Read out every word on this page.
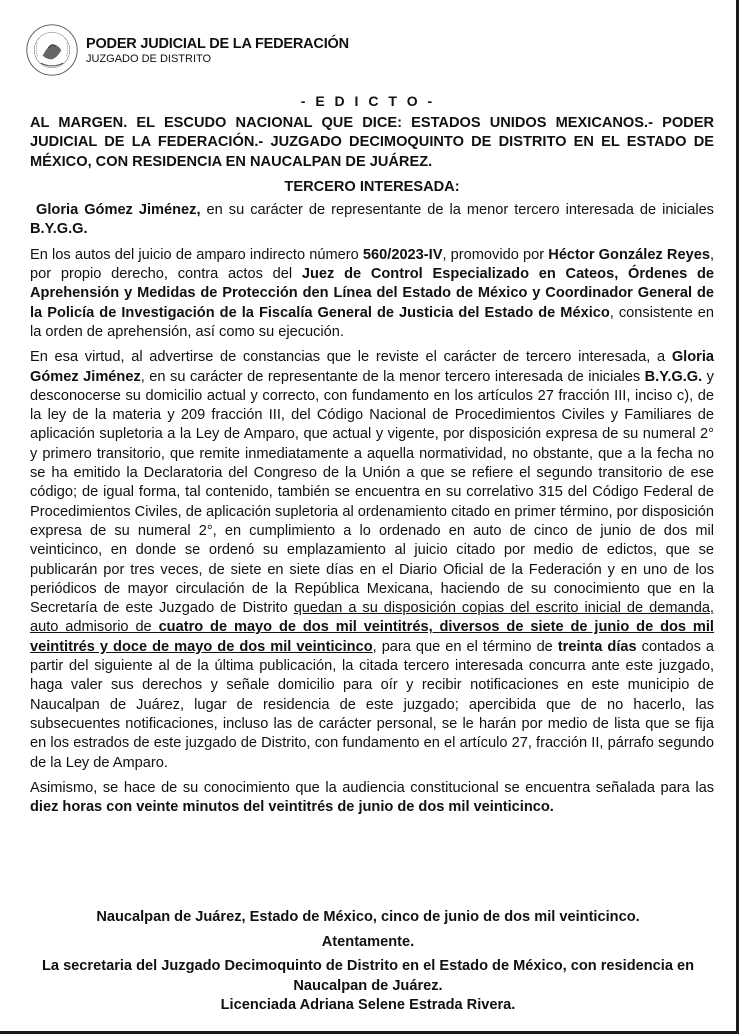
PODER JUDICIAL DE LA FEDERACIÓN
JUZGADO DE DISTRITO
- E D I C T O -

AL MARGEN. EL ESCUDO NACIONAL QUE DICE: ESTADOS UNIDOS MEXICANOS.- PODER JUDICIAL DE LA FEDERACIÓN.- JUZGADO DECIMOQUINTO DE DISTRITO EN EL ESTADO DE MÉXICO, CON RESIDENCIA EN NAUCALPAN DE JUÁREZ.

TERCERO INTERESADA:

Gloria Gómez Jiménez, en su carácter de representante de la menor tercero interesada de iniciales B.Y.G.G.

En los autos del juicio de amparo indirecto número 560/2023-IV, promovido por Héctor González Reyes, por propio derecho, contra actos del Juez de Control Especializado en Cateos, Órdenes de Aprehensión y Medidas de Protección den Línea del Estado de México y Coordinador General de la Policía de Investigación de la Fiscalía General de Justicia del Estado de México, consistente en la orden de aprehensión, así como su ejecución.

En esa virtud, al advertirse de constancias que le reviste el carácter de tercero interesada, a Gloria Gómez Jiménez, en su carácter de representante de la menor tercero interesada de iniciales B.Y.G.G. y desconocerse su domicilio actual y correcto, con fundamento en los artículos 27 fracción III, inciso c), de la ley de la materia y 209 fracción III, del Código Nacional de Procedimientos Civiles y Familiares de aplicación supletoria a la Ley de Amparo, que actual y vigente, por disposición expresa de su numeral 2° y primero transitorio, que remite inmediatamente a aquella normatividad, no obstante, que a la fecha no se ha emitido la Declaratoria del Congreso de la Unión a que se refiere el segundo transitorio de ese código; de igual forma, tal contenido, también se encuentra en su correlativo 315 del Código Federal de Procedimientos Civiles, de aplicación supletoria al ordenamiento citado en primer término, por disposición expresa de su numeral 2°, en cumplimiento a lo ordenado en auto de cinco de junio de dos mil veinticinco, en donde se ordenó su emplazamiento al juicio citado por medio de edictos, que se publicarán por tres veces, de siete en siete días en el Diario Oficial de la Federación y en uno de los periódicos de mayor circulación de la República Mexicana, haciendo de su conocimiento que en la Secretaría de este Juzgado de Distrito quedan a su disposición copias del escrito inicial de demanda, auto admisorio de cuatro de mayo de dos mil veintitrés, diversos de siete de junio de dos mil veintitrés y doce de mayo de dos mil veinticinco, para que en el término de treinta días contados a partir del siguiente al de la última publicación, la citada tercero interesada concurra ante este juzgado, haga valer sus derechos y señale domicilio para oír y recibir notificaciones en este municipio de Naucalpan de Juárez, lugar de residencia de este juzgado; apercibida que de no hacerlo, las subsecuentes notificaciones, incluso las de carácter personal, se le harán por medio de lista que se fija en los estrados de este juzgado de Distrito, con fundamento en el artículo 27, fracción II, párrafo segundo de la Ley de Amparo.

Asimismo, se hace de su conocimiento que la audiencia constitucional se encuentra señalada para las diez horas con veinte minutos del veintitrés de junio de dos mil veinticinco.

Naucalpan de Juárez, Estado de México, cinco de junio de dos mil veinticinco.
Atentamente.
La secretaria del Juzgado Decimoquinto de Distrito en el Estado de México, con residencia en Naucalpan de Juárez.
Licenciada Adriana Selene Estrada Rivera.
